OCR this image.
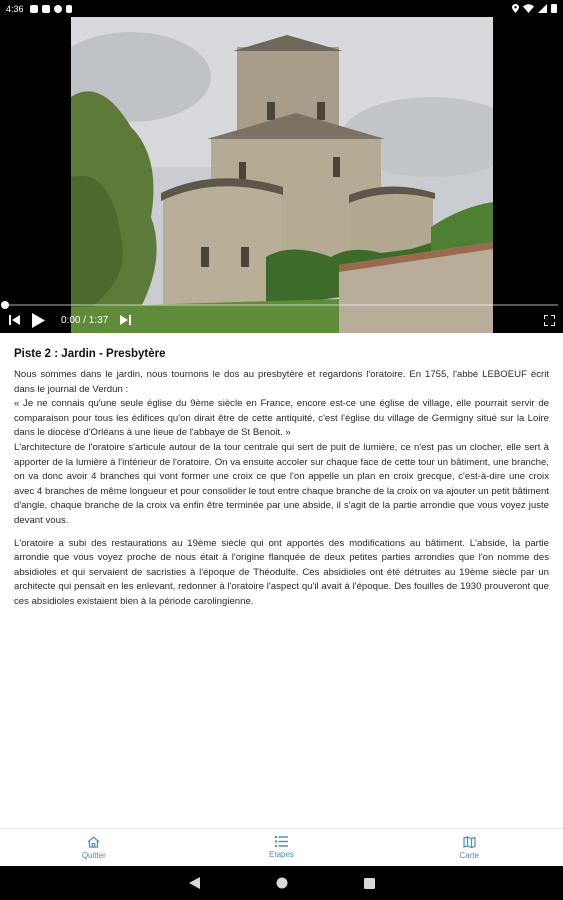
4:36
0:00 / 1:37
Piste 2 : Jardin - Presbytère

Nous sommes dans le jardin, nous tournons le dos au presbytère et regardons l'oratoire. En 1755, l'abbé LEBOEUF écrit dans le journal de Verdun :

« Je ne connais qu'une seule église du 9ème siècle en France, encore est-ce une église de village, elle pourrait servir de comparaison pour tous les édifices qu'on dirait être de cette antiquité, c'est l'église du village de Germigny situé sur la Loire dans le diocèse d'Orléans à une lieue de l'abbaye de St Benoit. »

L'architecture de l'oratoire s'articule autour de la tour centrale qui sert de puit de lumière, ce n'est pas un clocher, elle sert à apporter de la lumière à l'intérieur de l'oratoire. On va ensuite accoler sur chaque face de cette tour un bâtiment, une branche, on va donc avoir 4 branches qui vont former une croix ce que l'on appelle un plan en croix grecque, c'est-à-dire une croix avec 4 branches de même longueur et pour consolider le tout entre chaque branche de la croix on va ajouter un petit bâtiment d'angle, chaque branche de la croix va enfin être terminée par une abside, il s'agit de la partie arrondie que vous voyez juste devant vous.

L'oratoire a subi des restaurations au 19ème siècle qui ont apportés des modifications au bâtiment. L'abside, la partie arrondie que vous voyez proche de nous était à l'origine flanquée de deux petites parties arrondies que l'on nomme des absidioles et qui servaient de sacristies à l'époque de Théodulfe. Ces absidioles ont été détruites au 19ème siècle par un architecte qui pensait en les enlevant, redonner à l'oratoire l'aspect qu'il avait à l'époque. Des fouilles de 1930 prouveront que ces absidioles existaient bien à la période carolingienne.

Quitter	Etapes	Carte
